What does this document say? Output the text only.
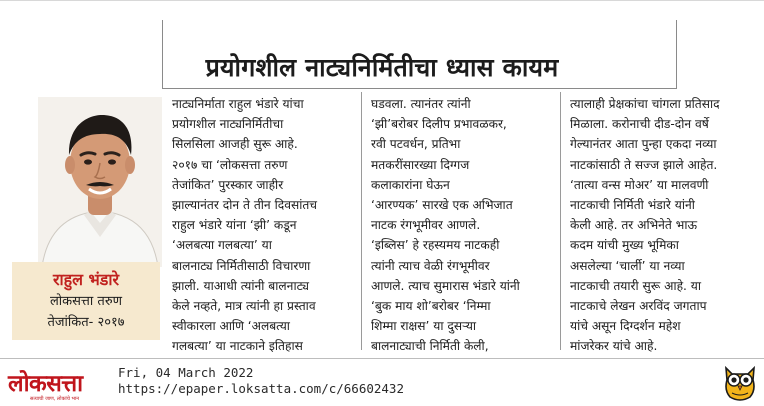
प्रयोगशील नाट्यनिर्मितीचा ध्यास कायम
राहुल भंडारे
लोकसत्ता तरुण
तेजांकित- २०१७
नाट्यनिर्माता राहुल भंडारे यांचा
प्रयोगशील नाट्यनिर्मितीचा
सिलसिला आजही सुरू आहे.
२०१७ चा ‘लोकसत्ता तरुण
तेजांकित’ पुरस्कार जाहीर
झाल्यानंतर दोन ते तीन दिवसांतच
राहुल भंडारे यांना ‘झी’ कडून
‘अलबत्या गलबत्या’ या
बालनाट्य निर्मितीसाठी विचारणा
झाली. याआधी त्यांनी बालनाट्य
केले नव्हते, मात्र त्यांनी हा प्रस्ताव
स्वीकारला आणि ‘अलबत्या
गलबत्या’ या नाटकाने इतिहास
घडवला. त्यानंतर त्यांनी
‘झी’बरोबर दिलीप प्रभावळकर,
रवी पटवर्धन, प्रतिभा
मतकरींसारख्या दिग्गज
कलाकारांना घेऊन
‘आरण्यक’ सारखे एक अभिजात
नाटक रंगभूमीवर आणले.
‘इब्लिस’ हे रहस्यमय नाटकही
त्यांनी त्याच वेळी रंगभूमीवर
आणले. त्याच सुमारास भंडारे यांनी
‘बुक माय शो’बरोबर ‘निम्मा
शिम्मा राक्षस’ या दुसऱ्या
बालनाट्याची निर्मिती केली,
त्यालाही प्रेक्षकांचा चांगला प्रतिसाद
मिळाला. करोनाची दीड-दोन वर्षे
गेल्यानंतर आता पुन्हा एकदा नव्या
नाटकांसाठी ते सज्ज झाले आहेत.
‘तात्या वन्स मोअर’ या मालवणी
नाटकाची निर्मिती भंडारे यांनी
केली आहे. तर अभिनेते भाऊ
कदम यांची मुख्य भूमिका
असलेल्या ‘चार्ली’ या नव्या
नाटकाची तयारी सुरू आहे. या
नाटकाचे लेखन अरविंद जगताप
यांचे असून दिग्दर्शन महेश
मांजरेकर यांचे आहे.
लोकसत्ता
सत्याची जाण, लोकांचे भान
Fri, 04 March 2022
https://epaper.loksatta.com/c/66602432
